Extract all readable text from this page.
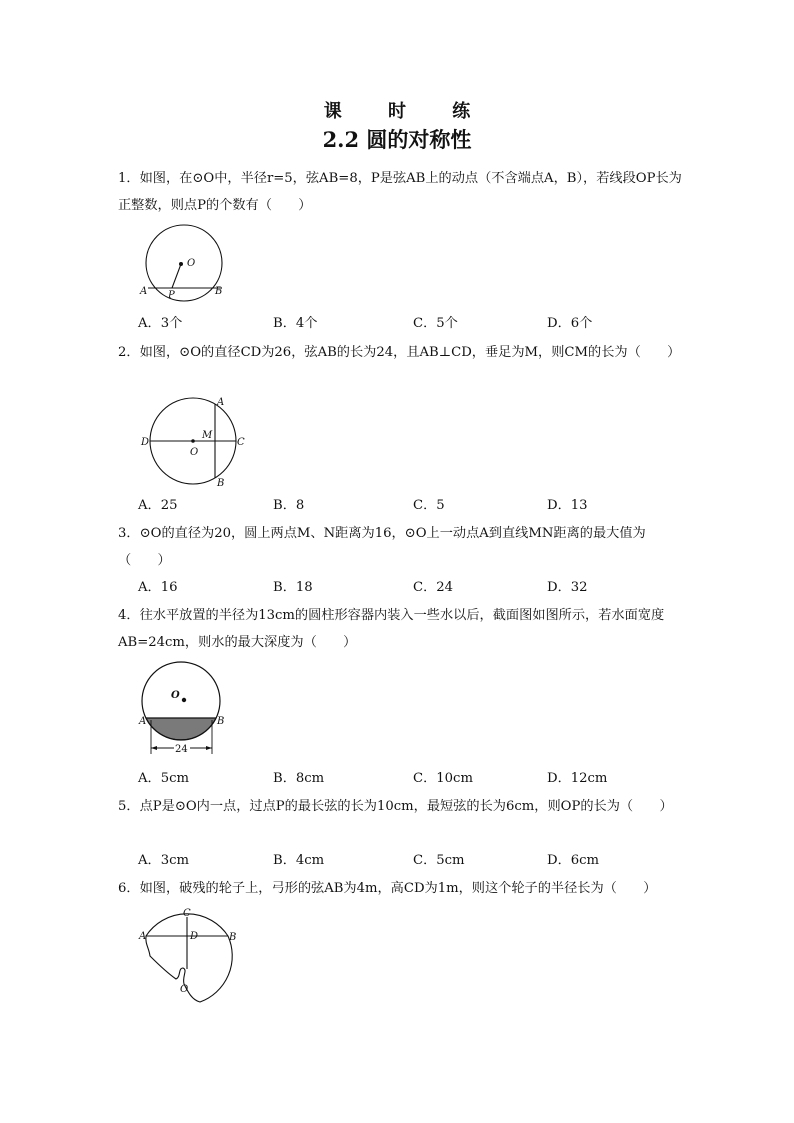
课 时 练
2.2 圆的对称性
1．如图，在⊙O中，半径r=5，弦AB=8，P是弦AB上的动点（不含端点A，B），若线段OP长为正整数，则点P的个数有（　　）
O
A P	B
A．3个	B．4个	C．5个	D．6个
2．如图，⊙O的直径CD为26，弦AB的长为24，且AB⊥CD，垂足为M，则CM的长为（　　）
A
D
M
C
O
B
A．25	B．8	C．5	D．13
3．⊙O的直径为20，圆上两点M、N距离为16，⊙O上一动点A到直线MN距离的最大值为（　　）
A．16	B．18	C．24	D．32
4．往水平放置的半径为13cm的圆柱形容器内装入一些水以后，截面图如图所示，若水面宽度AB=24cm，则水的最大深度为（　　）
O
A	B
24
A．5cm	B．8cm	C．10cm	D．12cm
5．点P是⊙O内一点，过点P的最长弦的长为10cm，最短弦的长为6cm，则OP的长为（　　）
A．3cm	B．4cm	C．5cm	D．6cm
6．如图，破残的轮子上，弓形的弦AB为4m，高CD为1m，则这个轮子的半径长为（　　）
C
A	D	B
O
